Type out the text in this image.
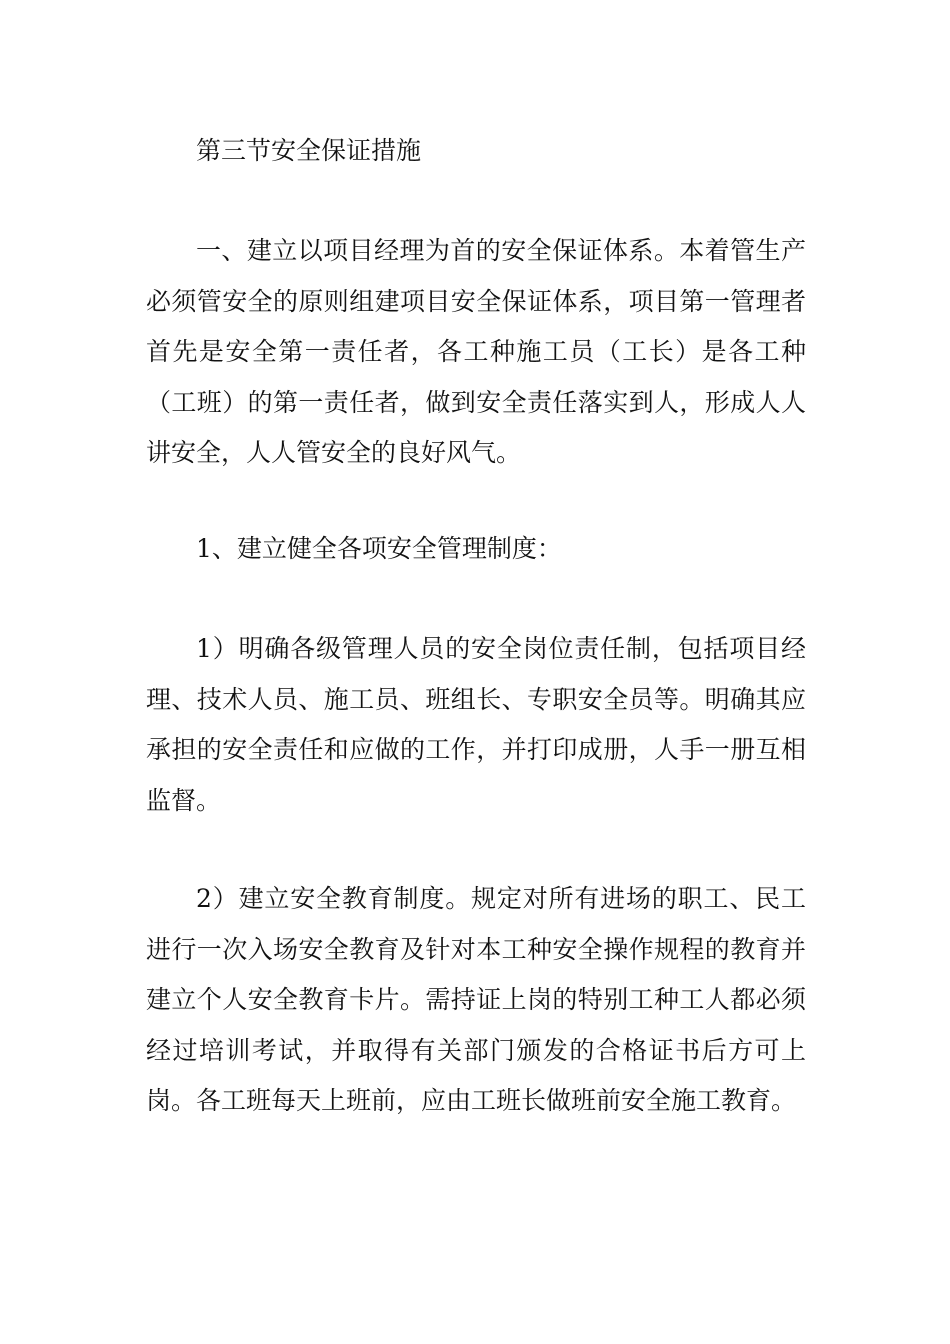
第三节安全保证措施

一、建立以项目经理为首的安全保证体系。本着管生产必须管安全的原则组建项目安全保证体系，项目第一管理者首先是安全第一责任者，各工种施工员（工长）是各工种（工班）的第一责任者，做到安全责任落实到人，形成人人讲安全，人人管安全的良好风气。

1、建立健全各项安全管理制度：

1）明确各级管理人员的安全岗位责任制，包括项目经理、技术人员、施工员、班组长、专职安全员等。明确其应承担的安全责任和应做的工作，并打印成册，人手一册互相监督。

2）建立安全教育制度。规定对所有进场的职工、民工进行一次入场安全教育及针对本工种安全操作规程的教育并建立个人安全教育卡片。需持证上岗的特别工种工人都必须经过培训考试，并取得有关部门颁发的合格证书后方可上岗。各工班每天上班前，应由工班长做班前安全施工教育。
